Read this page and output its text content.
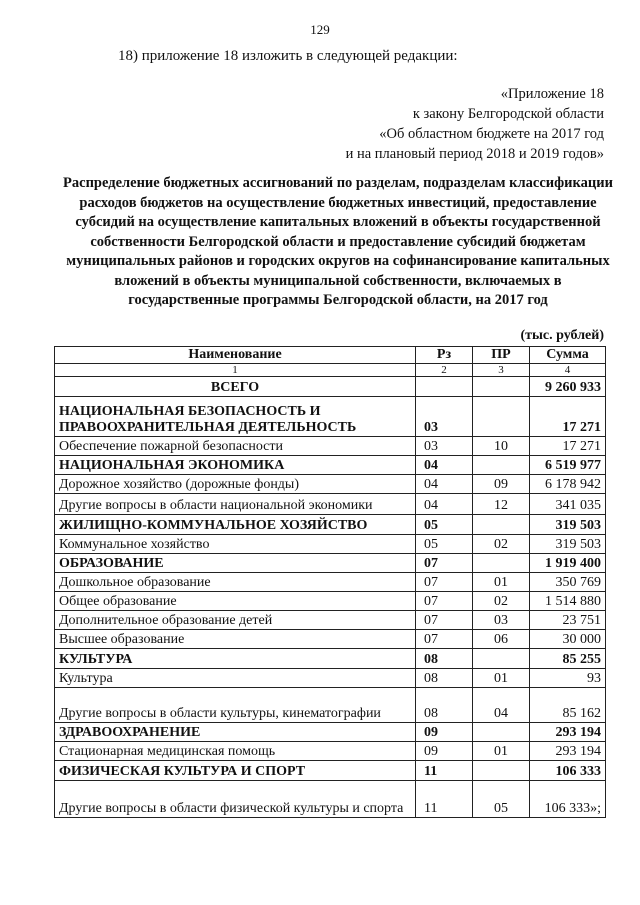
129
18) приложение 18 изложить в следующей редакции:
«Приложение 18
к закону Белгородской области
«Об областном бюджете на 2017 год
и на плановый период 2018 и 2019 годов»
Распределение бюджетных ассигнований по разделам, подразделам классификации расходов бюджетов на осуществление бюджетных инвестиций, предоставление субсидий на осуществление капитальных вложений в объекты государственной собственности Белгородской области и предоставление субсидий бюджетам муниципальных районов и городских округов на софинансирование капитальных вложений в объекты муниципальной собственности, включаемых в государственные программы Белгородской области, на 2017 год
(тыс. рублей)
Наименование	Рз	ПР	Сумма
1	2	3	4
ВСЕГО			9 260 933
НАЦИОНАЛЬНАЯ БЕЗОПАСНОСТЬ И ПРАВООХРАНИТЕЛЬНАЯ ДЕЯТЕЛЬНОСТЬ	03		17 271
Обеспечение пожарной безопасности	03	10	17 271
НАЦИОНАЛЬНАЯ ЭКОНОМИКА	04		6 519 977
Дорожное хозяйство (дорожные фонды)	04	09	6 178 942
Другие вопросы в области национальной экономики	04	12	341 035
ЖИЛИЩНО-КОММУНАЛЬНОЕ ХОЗЯЙСТВО	05		319 503
Коммунальное хозяйство	05	02	319 503
ОБРАЗОВАНИЕ	07		1 919 400
Дошкольное образование	07	01	350 769
Общее образование	07	02	1 514 880
Дополнительное образование детей	07	03	23 751
Высшее образование	07	06	30 000
КУЛЬТУРА	08		85 255
Культура	08	01	93
Другие вопросы в области культуры, кинематографии	08	04	85 162
ЗДРАВООХРАНЕНИЕ	09		293 194
Стационарная медицинская помощь	09	01	293 194
ФИЗИЧЕСКАЯ КУЛЬТУРА И СПОРТ	11		106 333
Другие вопросы в области физической культуры и спорта	11	05	106 333»;
